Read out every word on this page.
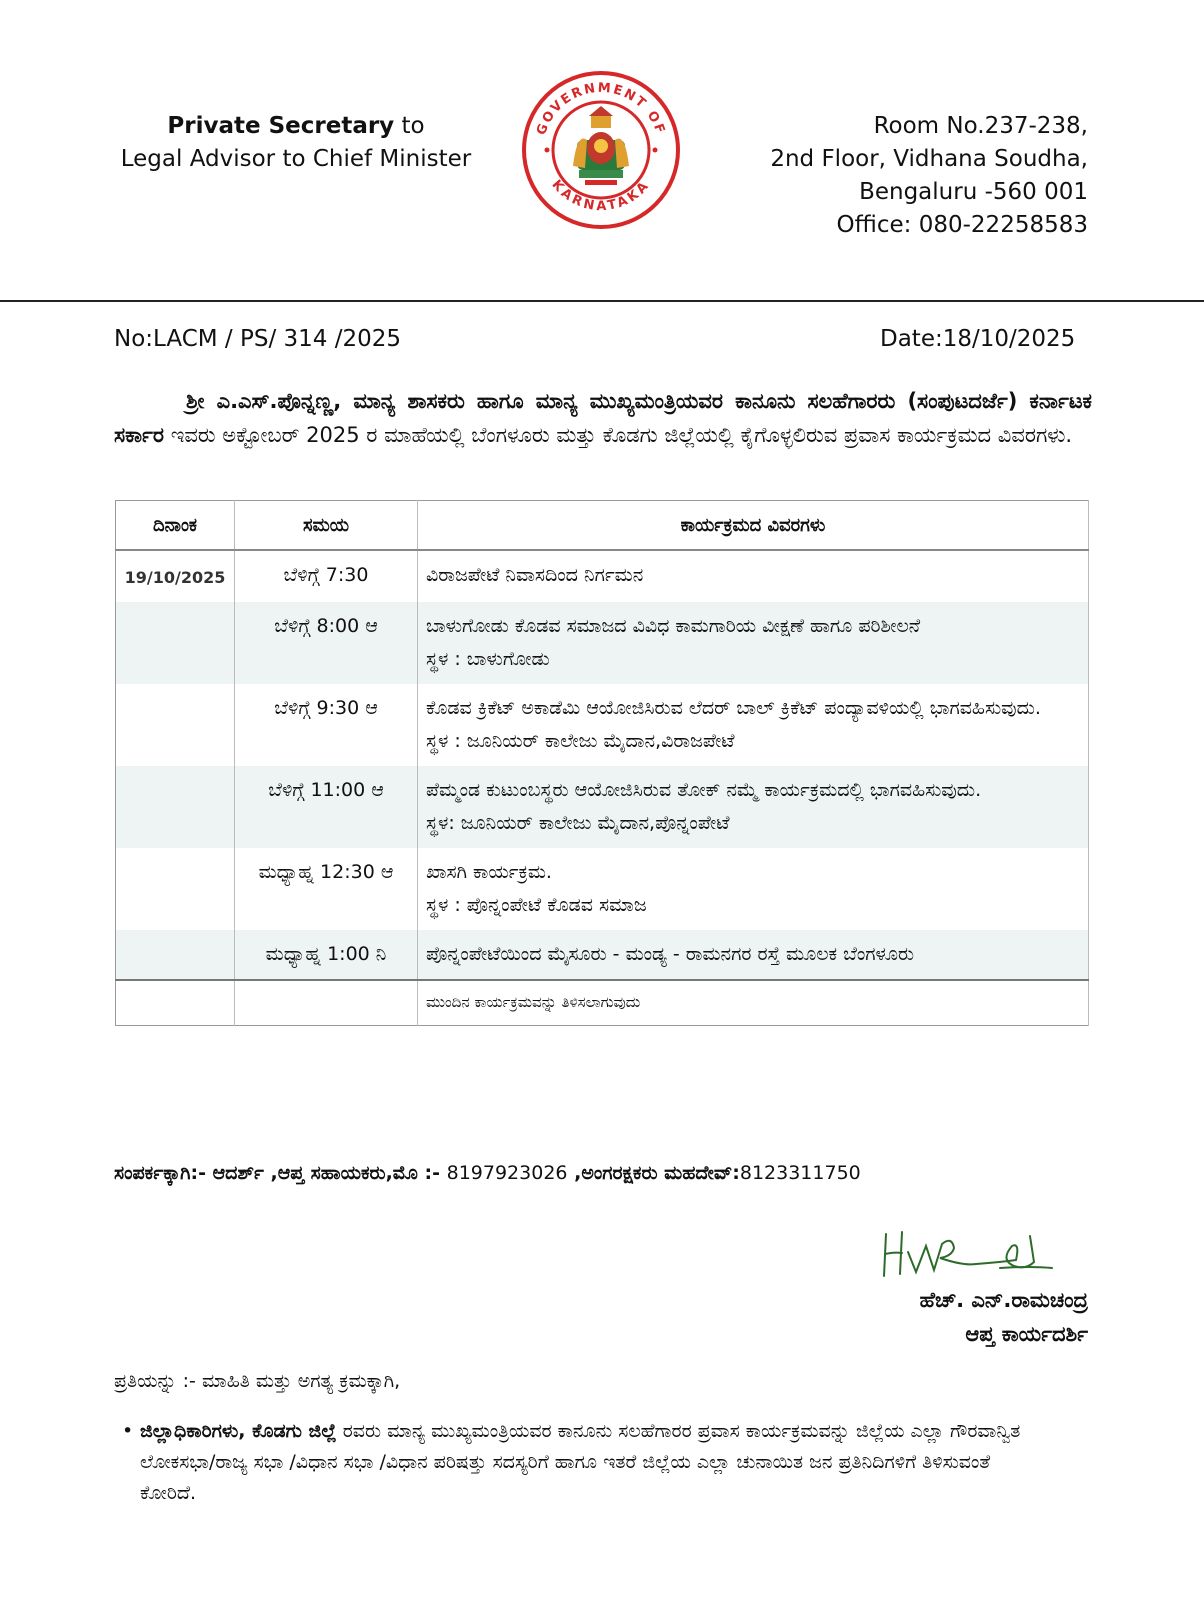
Private Secretary to
Legal Advisor to Chief Minister
GOVERNMENT OF
KARNATAKA
Room No.237-238,
2nd Floor, Vidhana Soudha,
Bengaluru -560 001
Office: 080-22258583
No:LACM / PS/ 314 /2025	Date:18/10/2025
ಶ್ರೀ ಎ.ಎಸ್.ಪೊನ್ನಣ್ಣ, ಮಾನ್ಯ ಶಾಸಕರು ಹಾಗೂ ಮಾನ್ಯ ಮುಖ್ಯಮಂತ್ರಿಯವರ ಕಾನೂನು ಸಲಹೆಗಾರರು (ಸಂಪುಟದರ್ಜೆ) ಕರ್ನಾಟಕ ಸರ್ಕಾರ ಇವರು ಅಕ್ಟೋಬರ್ 2025 ರ ಮಾಹೆಯಲ್ಲಿ ಬೆಂಗಳೂರು ಮತ್ತು ಕೊಡಗು ಜಿಲ್ಲೆಯಲ್ಲಿ ಕೈಗೊಳ್ಳಲಿರುವ ಪ್ರವಾಸ ಕಾರ್ಯಕ್ರಮದ ವಿವರಗಳು.
ದಿನಾಂಕ	ಸಮಯ	ಕಾರ್ಯಕ್ರಮದ ವಿವರಗಳು
19/10/2025	ಬೆಳಿಗ್ಗೆ 7:30	ವಿರಾಜಪೇಟೆ ನಿವಾಸದಿಂದ ನಿರ್ಗಮನ

	ಬೆಳಿಗ್ಗೆ 8:00 ಆ	ಬಾಳುಗೋಡು ಕೊಡವ ಸಮಾಜದ ವಿವಿಧ ಕಾಮಗಾರಿಯ ವೀಕ್ಷಣೆ ಹಾಗೂ ಪರಿಶೀಲನೆ
ಸ್ಥಳ : ಬಾಳುಗೋಡು

	ಬೆಳಿಗ್ಗೆ 9:30 ಆ	ಕೊಡವ ಕ್ರಿಕೆಟ್ ಅಕಾಡೆಮಿ ಆಯೋಜಿಸಿರುವ ಲೆದರ್ ಬಾಲ್ ಕ್ರಿಕೆಟ್ ಪಂದ್ಯಾವಳಿಯಲ್ಲಿ ಭಾಗವಹಿಸುವುದು.
ಸ್ಥಳ : ಜೂನಿಯರ್ ಕಾಲೇಜು ಮೈದಾನ,ವಿರಾಜಪೇಟೆ

	ಬೆಳಿಗ್ಗೆ 11:00 ಆ	ಪೆಮ್ಮಂಡ ಕುಟುಂಬಸ್ಥರು ಆಯೋಜಿಸಿರುವ ತೋಕ್ ನಮ್ಮೆ ಕಾರ್ಯಕ್ರಮದಲ್ಲಿ ಭಾಗವಹಿಸುವುದು.
ಸ್ಥಳ: ಜೂನಿಯರ್ ಕಾಲೇಜು ಮೈದಾನ,ಪೊನ್ನಂಪೇಟೆ

	ಮಧ್ಯಾಹ್ನ 12:30 ಆ	ಖಾಸಗಿ ಕಾರ್ಯಕ್ರಮ.
ಸ್ಥಳ : ಪೊನ್ನಂಪೇಟೆ ಕೊಡವ ಸಮಾಜ

	ಮಧ್ಯಾಹ್ನ 1:00 ನಿ	ಪೊನ್ನಂಪೇಟೆಯಿಂದ ಮೈಸೂರು - ಮಂಡ್ಯ - ರಾಮನಗರ ರಸ್ತೆ ಮೂಲಕ ಬೆಂಗಳೂರು

		ಮುಂದಿನ ಕಾರ್ಯಕ್ರಮವನ್ನು ತಿಳಿಸಲಾಗುವುದು
ಸಂಪರ್ಕಕ್ಕಾಗಿ:- ಆದರ್ಶ್ ,ಆಪ್ತ ಸಹಾಯಕರು,ಮೊ :- 8197923026 ,ಅಂಗರಕ್ಷಕರು ಮಹದೇವ್:8123311750
ಹೆಚ್. ಎನ್.ರಾಮಚಂದ್ರ
ಆಪ್ತ ಕಾರ್ಯದರ್ಶಿ
ಪ್ರತಿಯನ್ನು :- ಮಾಹಿತಿ ಮತ್ತು ಅಗತ್ಯ ಕ್ರಮಕ್ಕಾಗಿ,
• ಜಿಲ್ಲಾಧಿಕಾರಿಗಳು, ಕೊಡಗು ಜಿಲ್ಲೆ ರವರು ಮಾನ್ಯ ಮುಖ್ಯಮಂತ್ರಿಯವರ ಕಾನೂನು ಸಲಹೆಗಾರರ ಪ್ರವಾಸ ಕಾರ್ಯಕ್ರಮವನ್ನು ಜಿಲ್ಲೆಯ ಎಲ್ಲಾ ಗೌರವಾನ್ವಿತ ಲೋಕಸಭಾ/ರಾಜ್ಯ ಸಭಾ /ವಿಧಾನ ಸಭಾ /ವಿಧಾನ ಪರಿಷತ್ತು ಸದಸ್ಯರಿಗೆ ಹಾಗೂ ಇತರೆ ಜಿಲ್ಲೆಯ ಎಲ್ಲಾ ಚುನಾಯಿತ ಜನ ಪ್ರತಿನಿದಿಗಳಿಗೆ ತಿಳಿಸುವಂತೆ ಕೋರಿದೆ.
